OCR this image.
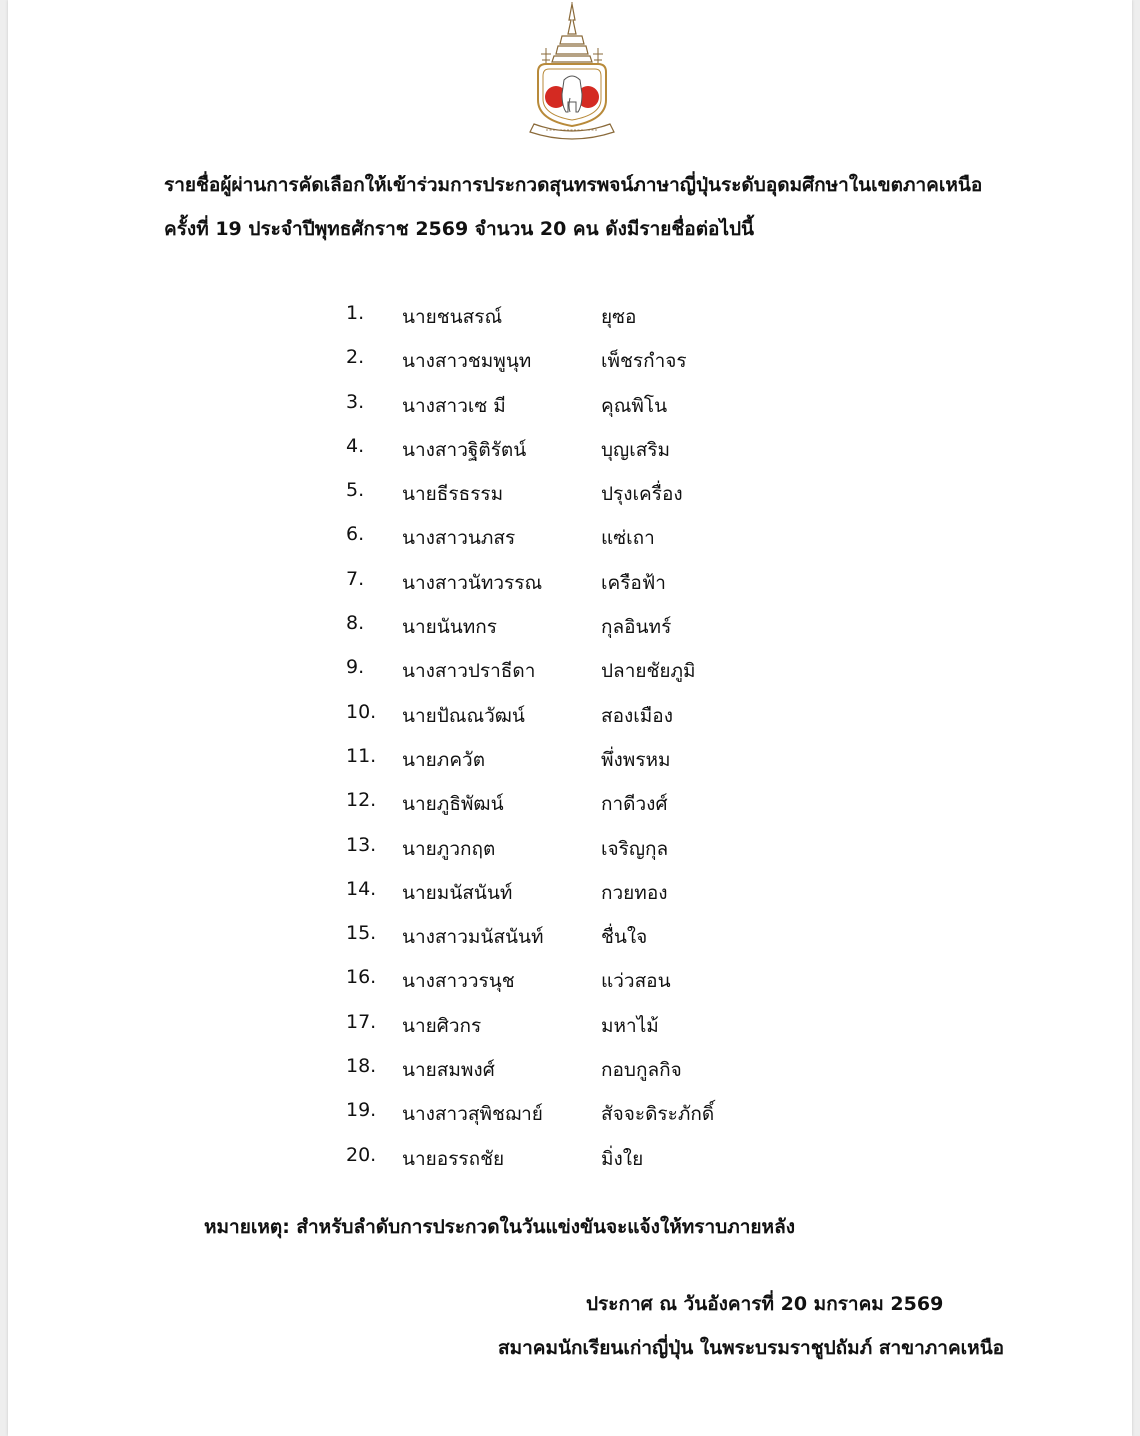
รายชื่อผู้ผ่านการคัดเลือกให้เข้าร่วมการประกวดสุนทรพจน์ภาษาญี่ปุ่นระดับอุดมศึกษาในเขตภาคเหนือ
ครั้งที่ 19 ประจำปีพุทธศักราช 2569 จำนวน 20 คน ดังมีรายชื่อต่อไปนี้
1. นายชนสรณ์	ยุซอ
2. นางสาวชมพูนุท	เพ็ชรกำจร
3. นางสาวเซ มี	คุณพิโน
4. นางสาวฐิติรัตน์	บุญเสริม
5. นายธีรธรรม	ปรุงเครื่อง
6. นางสาวนภสร	แซ่เถา
7. นางสาวนัทวรรณ	เครือฟ้า
8. นายนันทกร	กุลอินทร์
9. นางสาวปราธีดา	ปลายชัยภูมิ
10. นายปัณณวัฒน์	สองเมือง
11. นายภควัต	พึ่งพรหม
12. นายภูธิพัฒน์	กาดีวงศ์
13. นายภูวกฤต	เจริญกุล
14. นายมนัสนันท์	กวยทอง
15. นางสาวมนัสนันท์	ชื่นใจ
16. นางสาววรนุช	แว่วสอน
17. นายศิวกร	มหาไม้
18. นายสมพงศ์	กอบกูลกิจ
19. นางสาวสุพิชฌาย์	สัจจะดิระภักดิ์
20. นายอรรถชัย	มิ่งใย
หมายเหตุ: สำหรับลำดับการประกวดในวันแข่งขันจะแจ้งให้ทราบภายหลัง
ประกาศ ณ วันอังคารที่ 20 มกราคม 2569
สมาคมนักเรียนเก่าญี่ปุ่น ในพระบรมราชูปถัมภ์ สาขาภาคเหนือ
